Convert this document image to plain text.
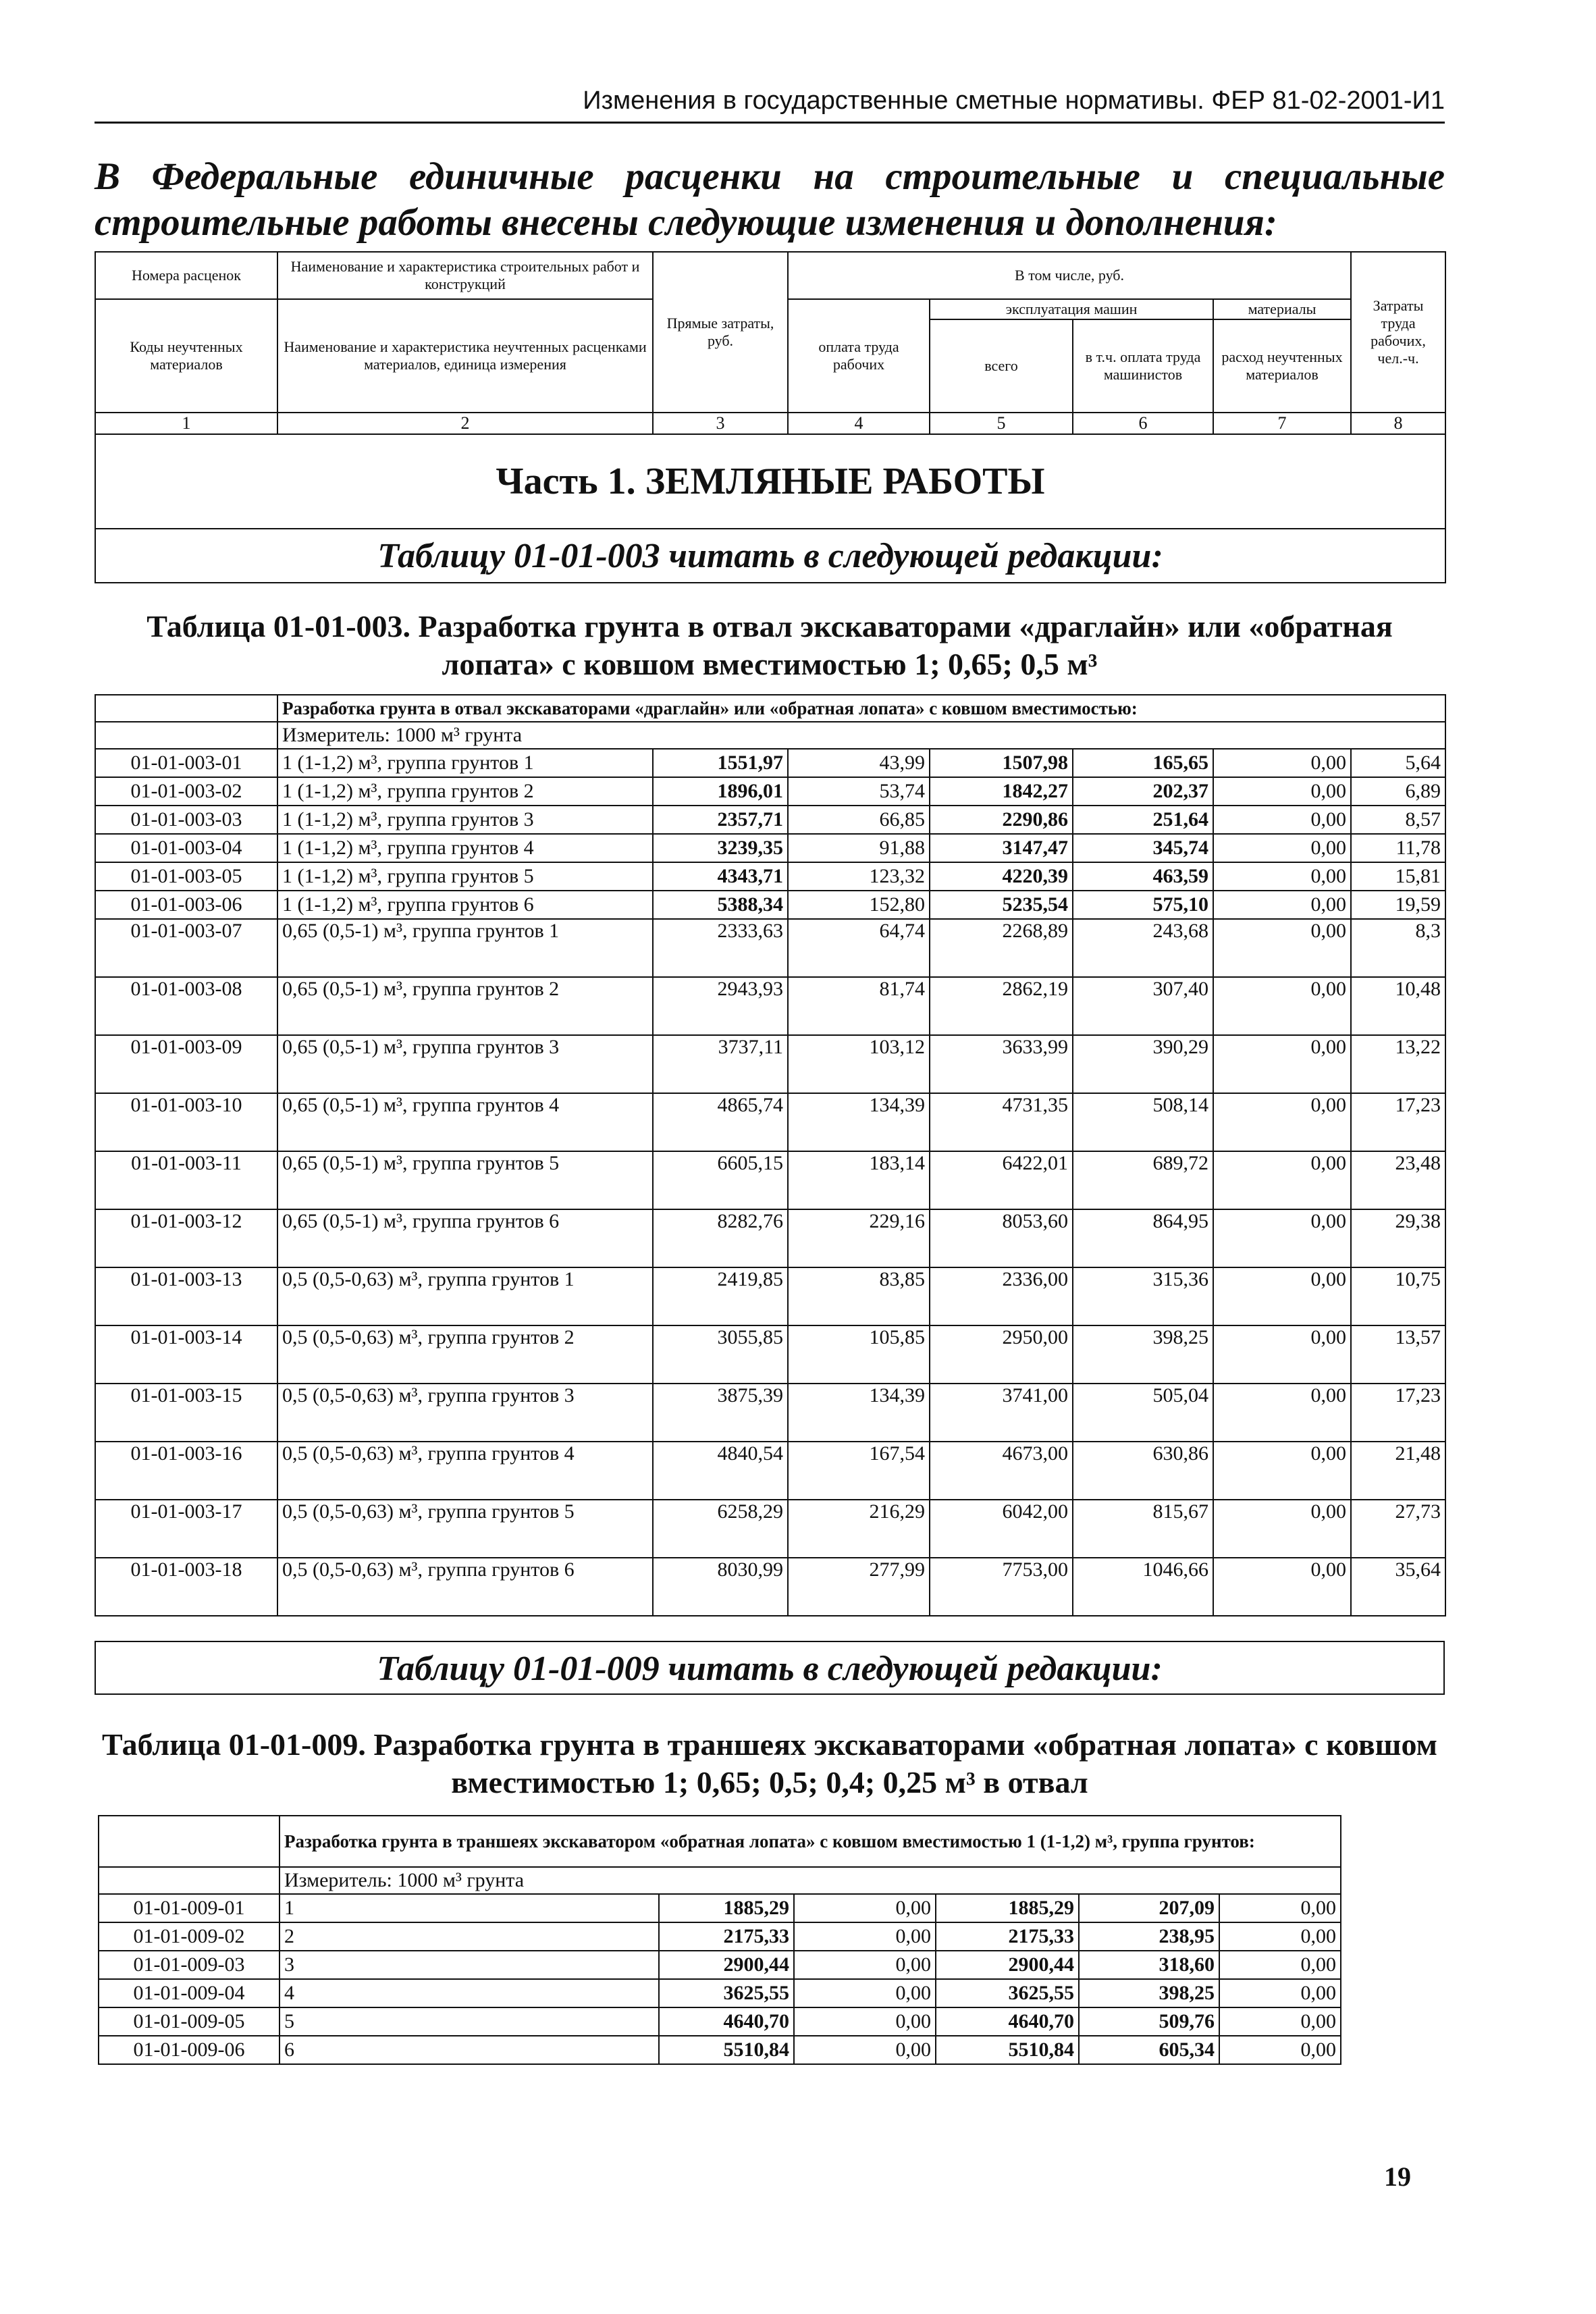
Изменения в государственные сметные нормативы. ФЕР 81-02-2001-И1
В Федеральные единичные расценки на строительные и специальные строительные работы внесены следующие изменения и дополнения:
Номера расценок	Наименование и характеристика строительных работ и конструкций	Прямые затраты, руб.	В том числе, руб.				Затраты труда рабочих, чел.-ч.
Коды неучтенных материалов	Наименование и характеристика неучтенных расценками материалов, единица измерения		оплата труда рабочих	эксплуатация машин		материалы	
				всего	в т.ч. оплата труда машинистов	расход неучтенных материалов	
1	2	3	4	5	6	7	8
Часть 1. ЗЕМЛЯНЫЕ РАБОТЫ							
Таблицу 01-01-003 читать в следующей редакции:							
Таблица 01-01-003. Разработка грунта в отвал экскаваторами «драглайн» или «обратная лопата» с ковшом вместимостью 1; 0,65; 0,5 м³
	Разработка грунта в отвал экскаваторами «драглайн» или «обратная лопата» с ковшом вместимостью:						
	Измеритель: 1000 м³ грунта						
01-01-003-01	1 (1-1,2) м³, группа грунтов 1	1551,97	43,99	1507,98	165,65	0,00	5,64
01-01-003-02	1 (1-1,2) м³, группа грунтов 2	1896,01	53,74	1842,27	202,37	0,00	6,89
01-01-003-03	1 (1-1,2) м³, группа грунтов 3	2357,71	66,85	2290,86	251,64	0,00	8,57
01-01-003-04	1 (1-1,2) м³, группа грунтов 4	3239,35	91,88	3147,47	345,74	0,00	11,78
01-01-003-05	1 (1-1,2) м³, группа грунтов 5	4343,71	123,32	4220,39	463,59	0,00	15,81
01-01-003-06	1 (1-1,2) м³, группа грунтов 6	5388,34	152,80	5235,54	575,10	0,00	19,59
01-01-003-07	0,65 (0,5-1) м³, группа грунтов 1	2333,63	64,74	2268,89	243,68	0,00	8,3
01-01-003-08	0,65 (0,5-1) м³, группа грунтов 2	2943,93	81,74	2862,19	307,40	0,00	10,48
01-01-003-09	0,65 (0,5-1) м³, группа грунтов 3	3737,11	103,12	3633,99	390,29	0,00	13,22
01-01-003-10	0,65 (0,5-1) м³, группа грунтов 4	4865,74	134,39	4731,35	508,14	0,00	17,23
01-01-003-11	0,65 (0,5-1) м³, группа грунтов 5	6605,15	183,14	6422,01	689,72	0,00	23,48
01-01-003-12	0,65 (0,5-1) м³, группа грунтов 6	8282,76	229,16	8053,60	864,95	0,00	29,38
01-01-003-13	0,5 (0,5-0,63) м³, группа грунтов 1	2419,85	83,85	2336,00	315,36	0,00	10,75
01-01-003-14	0,5 (0,5-0,63) м³, группа грунтов 2	3055,85	105,85	2950,00	398,25	0,00	13,57
01-01-003-15	0,5 (0,5-0,63) м³, группа грунтов 3	3875,39	134,39	3741,00	505,04	0,00	17,23
01-01-003-16	0,5 (0,5-0,63) м³, группа грунтов 4	4840,54	167,54	4673,00	630,86	0,00	21,48
01-01-003-17	0,5 (0,5-0,63) м³, группа грунтов 5	6258,29	216,29	6042,00	815,67	0,00	27,73
01-01-003-18	0,5 (0,5-0,63) м³, группа грунтов 6	8030,99	277,99	7753,00	1046,66	0,00	35,64
Таблицу 01-01-009 читать в следующей редакции:
Таблица 01-01-009. Разработка грунта в траншеях экскаваторами «обратная лопата» с ковшом вместимостью 1; 0,65; 0,5; 0,4; 0,25 м³ в отвал
	Разработка грунта в траншеях экскаватором «обратная лопата» с ковшом вместимостью 1 (1-1,2) м³, группа грунтов:					
	Измеритель: 1000 м³ грунта					
01-01-009-01	1	1885,29	0,00	1885,29	207,09	0,00
01-01-009-02	2	2175,33	0,00	2175,33	238,95	0,00
01-01-009-03	3	2900,44	0,00	2900,44	318,60	0,00
01-01-009-04	4	3625,55	0,00	3625,55	398,25	0,00
01-01-009-05	5	4640,70	0,00	4640,70	509,76	0,00
01-01-009-06	6	5510,84	0,00	5510,84	605,34	0,00
19
